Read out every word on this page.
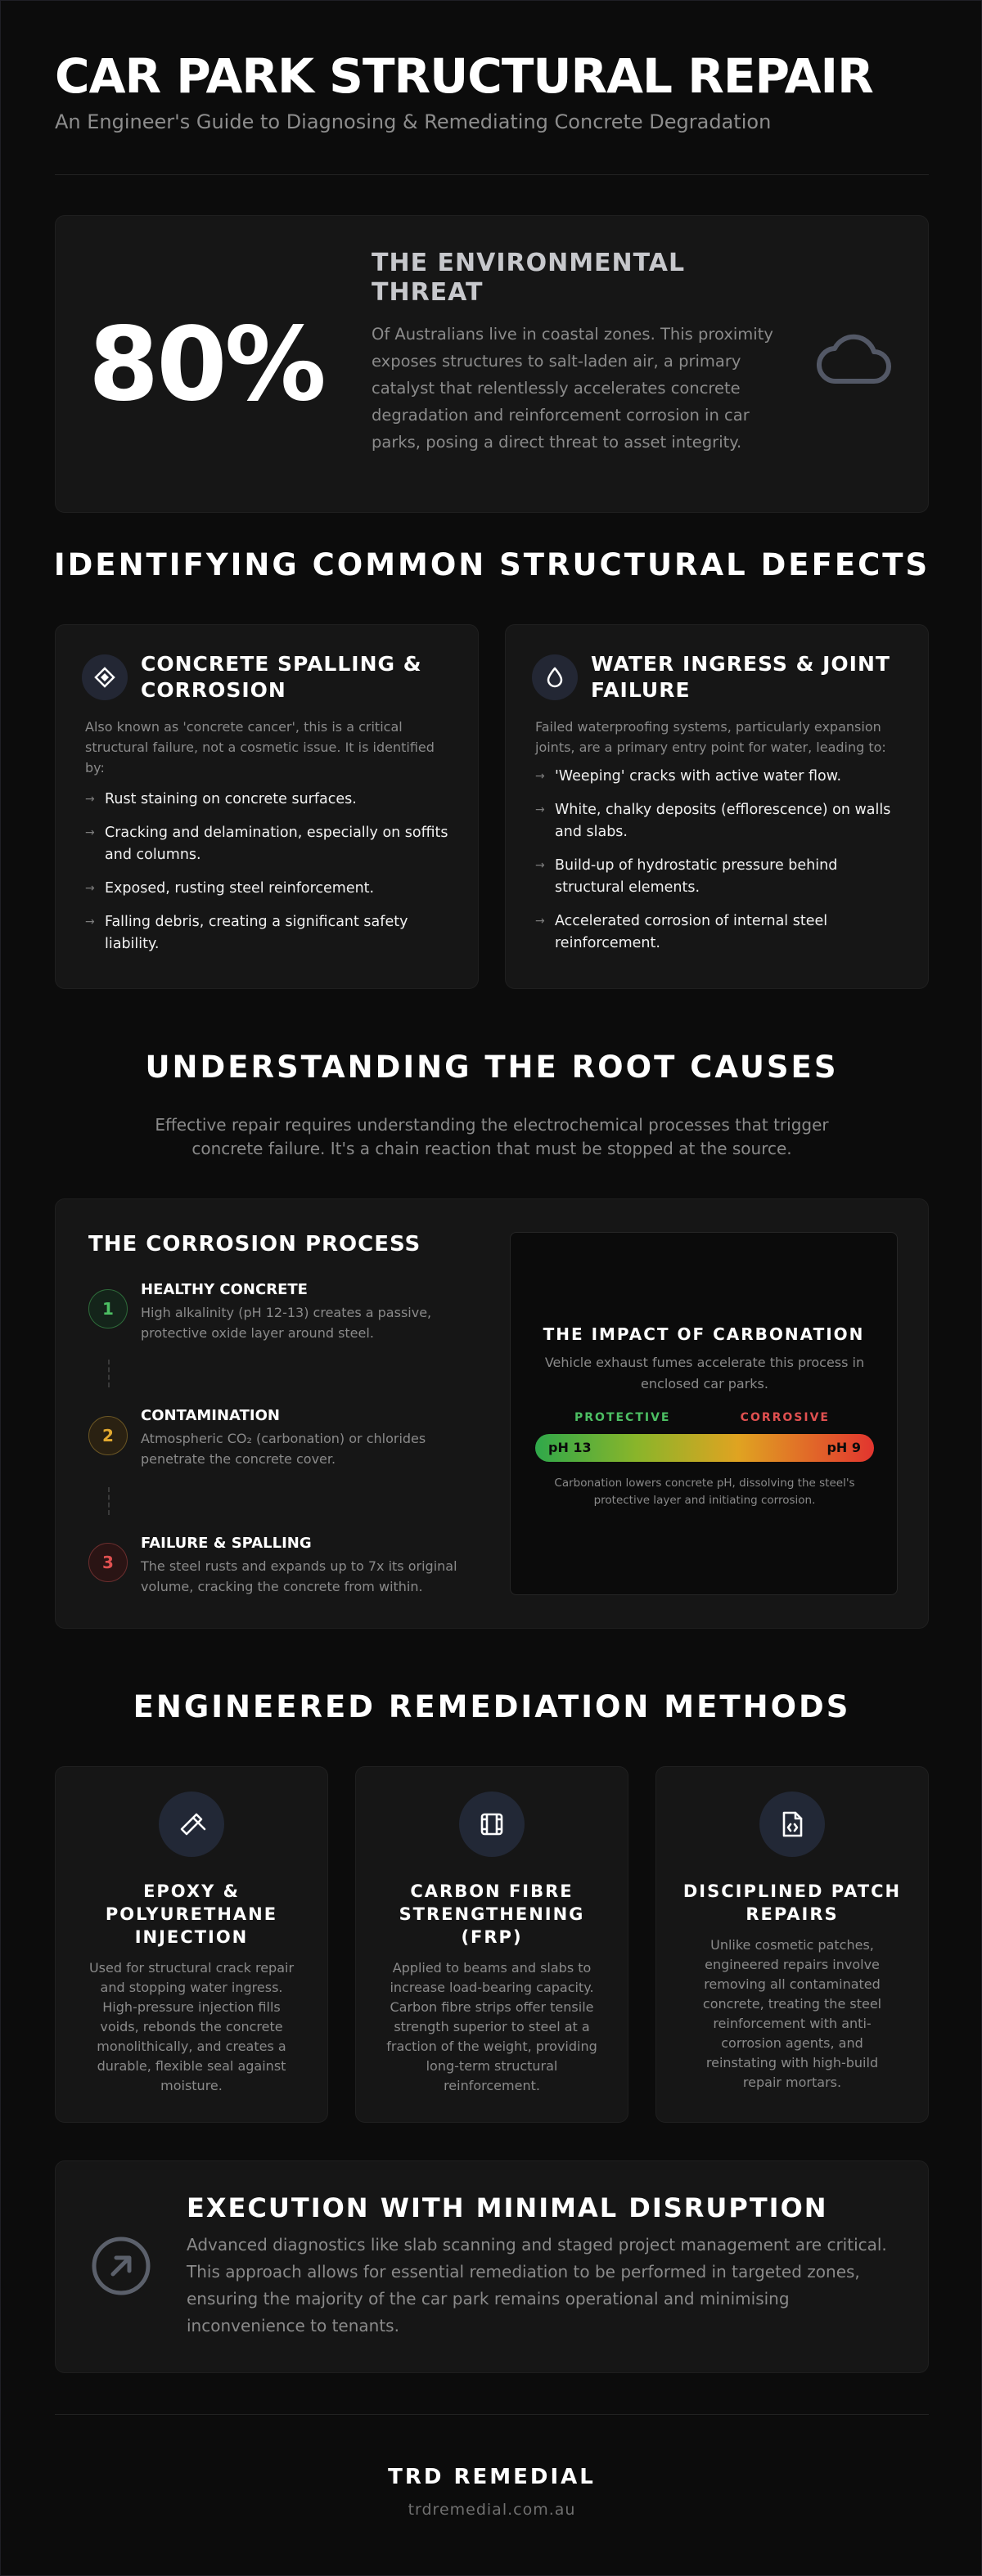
CAR PARK STRUCTURAL REPAIR
An Engineer's Guide to Diagnosing & Remediating Concrete Degradation
80%
THE ENVIRONMENTAL THREAT
Of Australians live in coastal zones. This proximity exposes structures to salt-laden air, a primary catalyst that relentlessly accelerates concrete degradation and reinforcement corrosion in car parks, posing a direct threat to asset integrity.
IDENTIFYING COMMON STRUCTURAL DEFECTS
CONCRETE SPALLING & CORROSION
Also known as 'concrete cancer', this is a critical structural failure, not a cosmetic issue. It is identified by:
→ Rust staining on concrete surfaces.
→ Cracking and delamination, especially on soffits and columns.
→ Exposed, rusting steel reinforcement.
→ Falling debris, creating a significant safety liability.
WATER INGRESS & JOINT FAILURE
Failed waterproofing systems, particularly expansion joints, are a primary entry point for water, leading to:
→ 'Weeping' cracks with active water flow.
→ White, chalky deposits (efflorescence) on walls and slabs.
→ Build-up of hydrostatic pressure behind structural elements.
→ Accelerated corrosion of internal steel reinforcement.
UNDERSTANDING THE ROOT CAUSES
Effective repair requires understanding the electrochemical processes that trigger concrete failure. It's a chain reaction that must be stopped at the source.
THE CORROSION PROCESS
1
HEALTHY CONCRETE
High alkalinity (pH 12-13) creates a passive, protective oxide layer around steel.
2
CONTAMINATION
Atmospheric CO₂ (carbonation) or chlorides penetrate the concrete cover.
3
FAILURE & SPALLING
The steel rusts and expands up to 7x its original volume, cracking the concrete from within.
THE IMPACT OF CARBONATION
Vehicle exhaust fumes accelerate this process in enclosed car parks.
PROTECTIVE	CORROSIVE
pH 13	pH 9
Carbonation lowers concrete pH, dissolving the steel's protective layer and initiating corrosion.
ENGINEERED REMEDIATION METHODS
EPOXY & POLYURETHANE INJECTION

Used for structural crack repair and stopping water ingress. High-pressure injection fills voids, rebonds the concrete monolithically, and creates a durable, flexible seal against moisture.

CARBON FIBRE STRENGTHENING (FRP)

Applied to beams and slabs to increase load-bearing capacity. Carbon fibre strips offer tensile strength superior to steel at a fraction of the weight, providing long-term structural reinforcement.

DISCIPLINED PATCH REPAIRS

Unlike cosmetic patches, engineered repairs involve removing all contaminated concrete, treating the steel reinforcement with anti-corrosion agents, and reinstating with high-build repair mortars.

EXECUTION WITH MINIMAL DISRUPTION
Advanced diagnostics like slab scanning and staged project management are critical. This approach allows for essential remediation to be performed in targeted zones, ensuring the majority of the car park remains operational and minimising inconvenience to tenants.
TRD REMEDIAL
trdremedial.com.au
